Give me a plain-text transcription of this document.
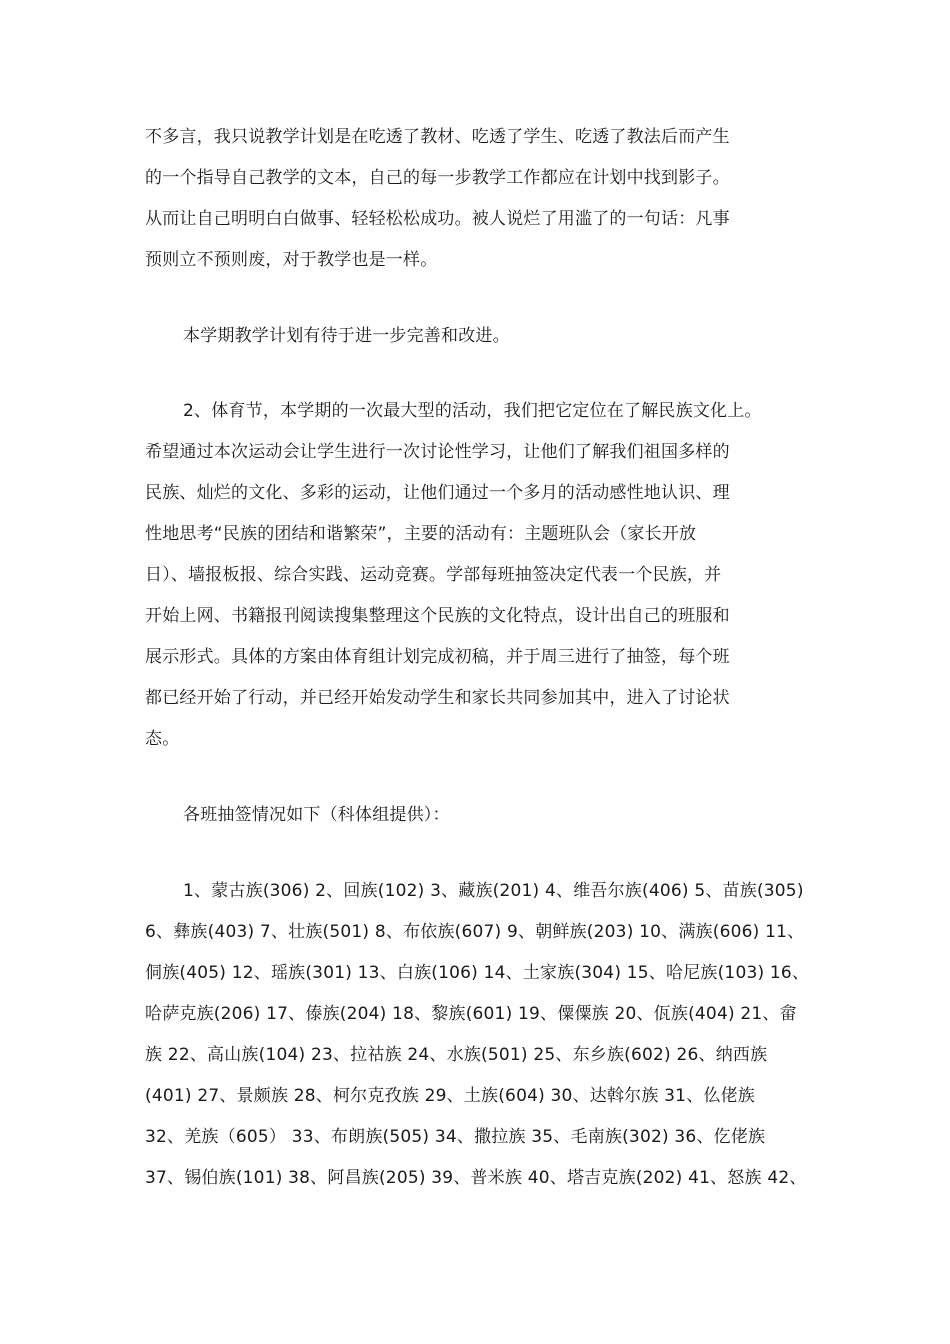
不多言，我只说教学计划是在吃透了教材、吃透了学生、吃透了教法后而产生
的一个指导自己教学的文本，自己的每一步教学工作都应在计划中找到影子。
从而让自己明明白白做事、轻轻松松成功。被人说烂了用滥了的一句话：凡事
预则立不预则废，对于教学也是一样。
本学期教学计划有待于进一步完善和改进。
2、体育节，本学期的一次最大型的活动，我们把它定位在了解民族文化上。
希望通过本次运动会让学生进行一次讨论性学习，让他们了解我们祖国多样的
民族、灿烂的文化、多彩的运动，让他们通过一个多月的活动感性地认识、理
性地思考“民族的团结和谐繁荣”，主要的活动有：主题班队会（家长开放
日）、墙报板报、综合实践、运动竞赛。学部每班抽签决定代表一个民族，并
开始上网、书籍报刊阅读搜集整理这个民族的文化特点，设计出自己的班服和
展示形式。具体的方案由体育组计划完成初稿，并于周三进行了抽签，每个班
都已经开始了行动，并已经开始发动学生和家长共同参加其中，进入了讨论状
态。
各班抽签情况如下（科体组提供）：
1、蒙古族(306) 2、回族(102) 3、藏族(201) 4、维吾尔族(406) 5、苗族(305)
6、彝族(403) 7、壮族(501) 8、布依族(607) 9、朝鲜族(203) 10、满族(606) 11、
侗族(405) 12、瑶族(301) 13、白族(106) 14、土家族(304) 15、哈尼族(103) 16、
哈萨克族(206) 17、傣族(204) 18、黎族(601) 19、僳僳族 20、佤族(404) 21、畲
族 22、高山族(104) 23、拉祜族 24、水族(501) 25、东乡族(602) 26、纳西族
(401) 27、景颇族 28、柯尔克孜族 29、土族(604) 30、达斡尔族 31、仫佬族
32、羌族（605） 33、布朗族(505) 34、撒拉族 35、毛南族(302) 36、仡佬族
37、锡伯族(101) 38、阿昌族(205) 39、普米族 40、塔吉克族(202) 41、怒族 42、
